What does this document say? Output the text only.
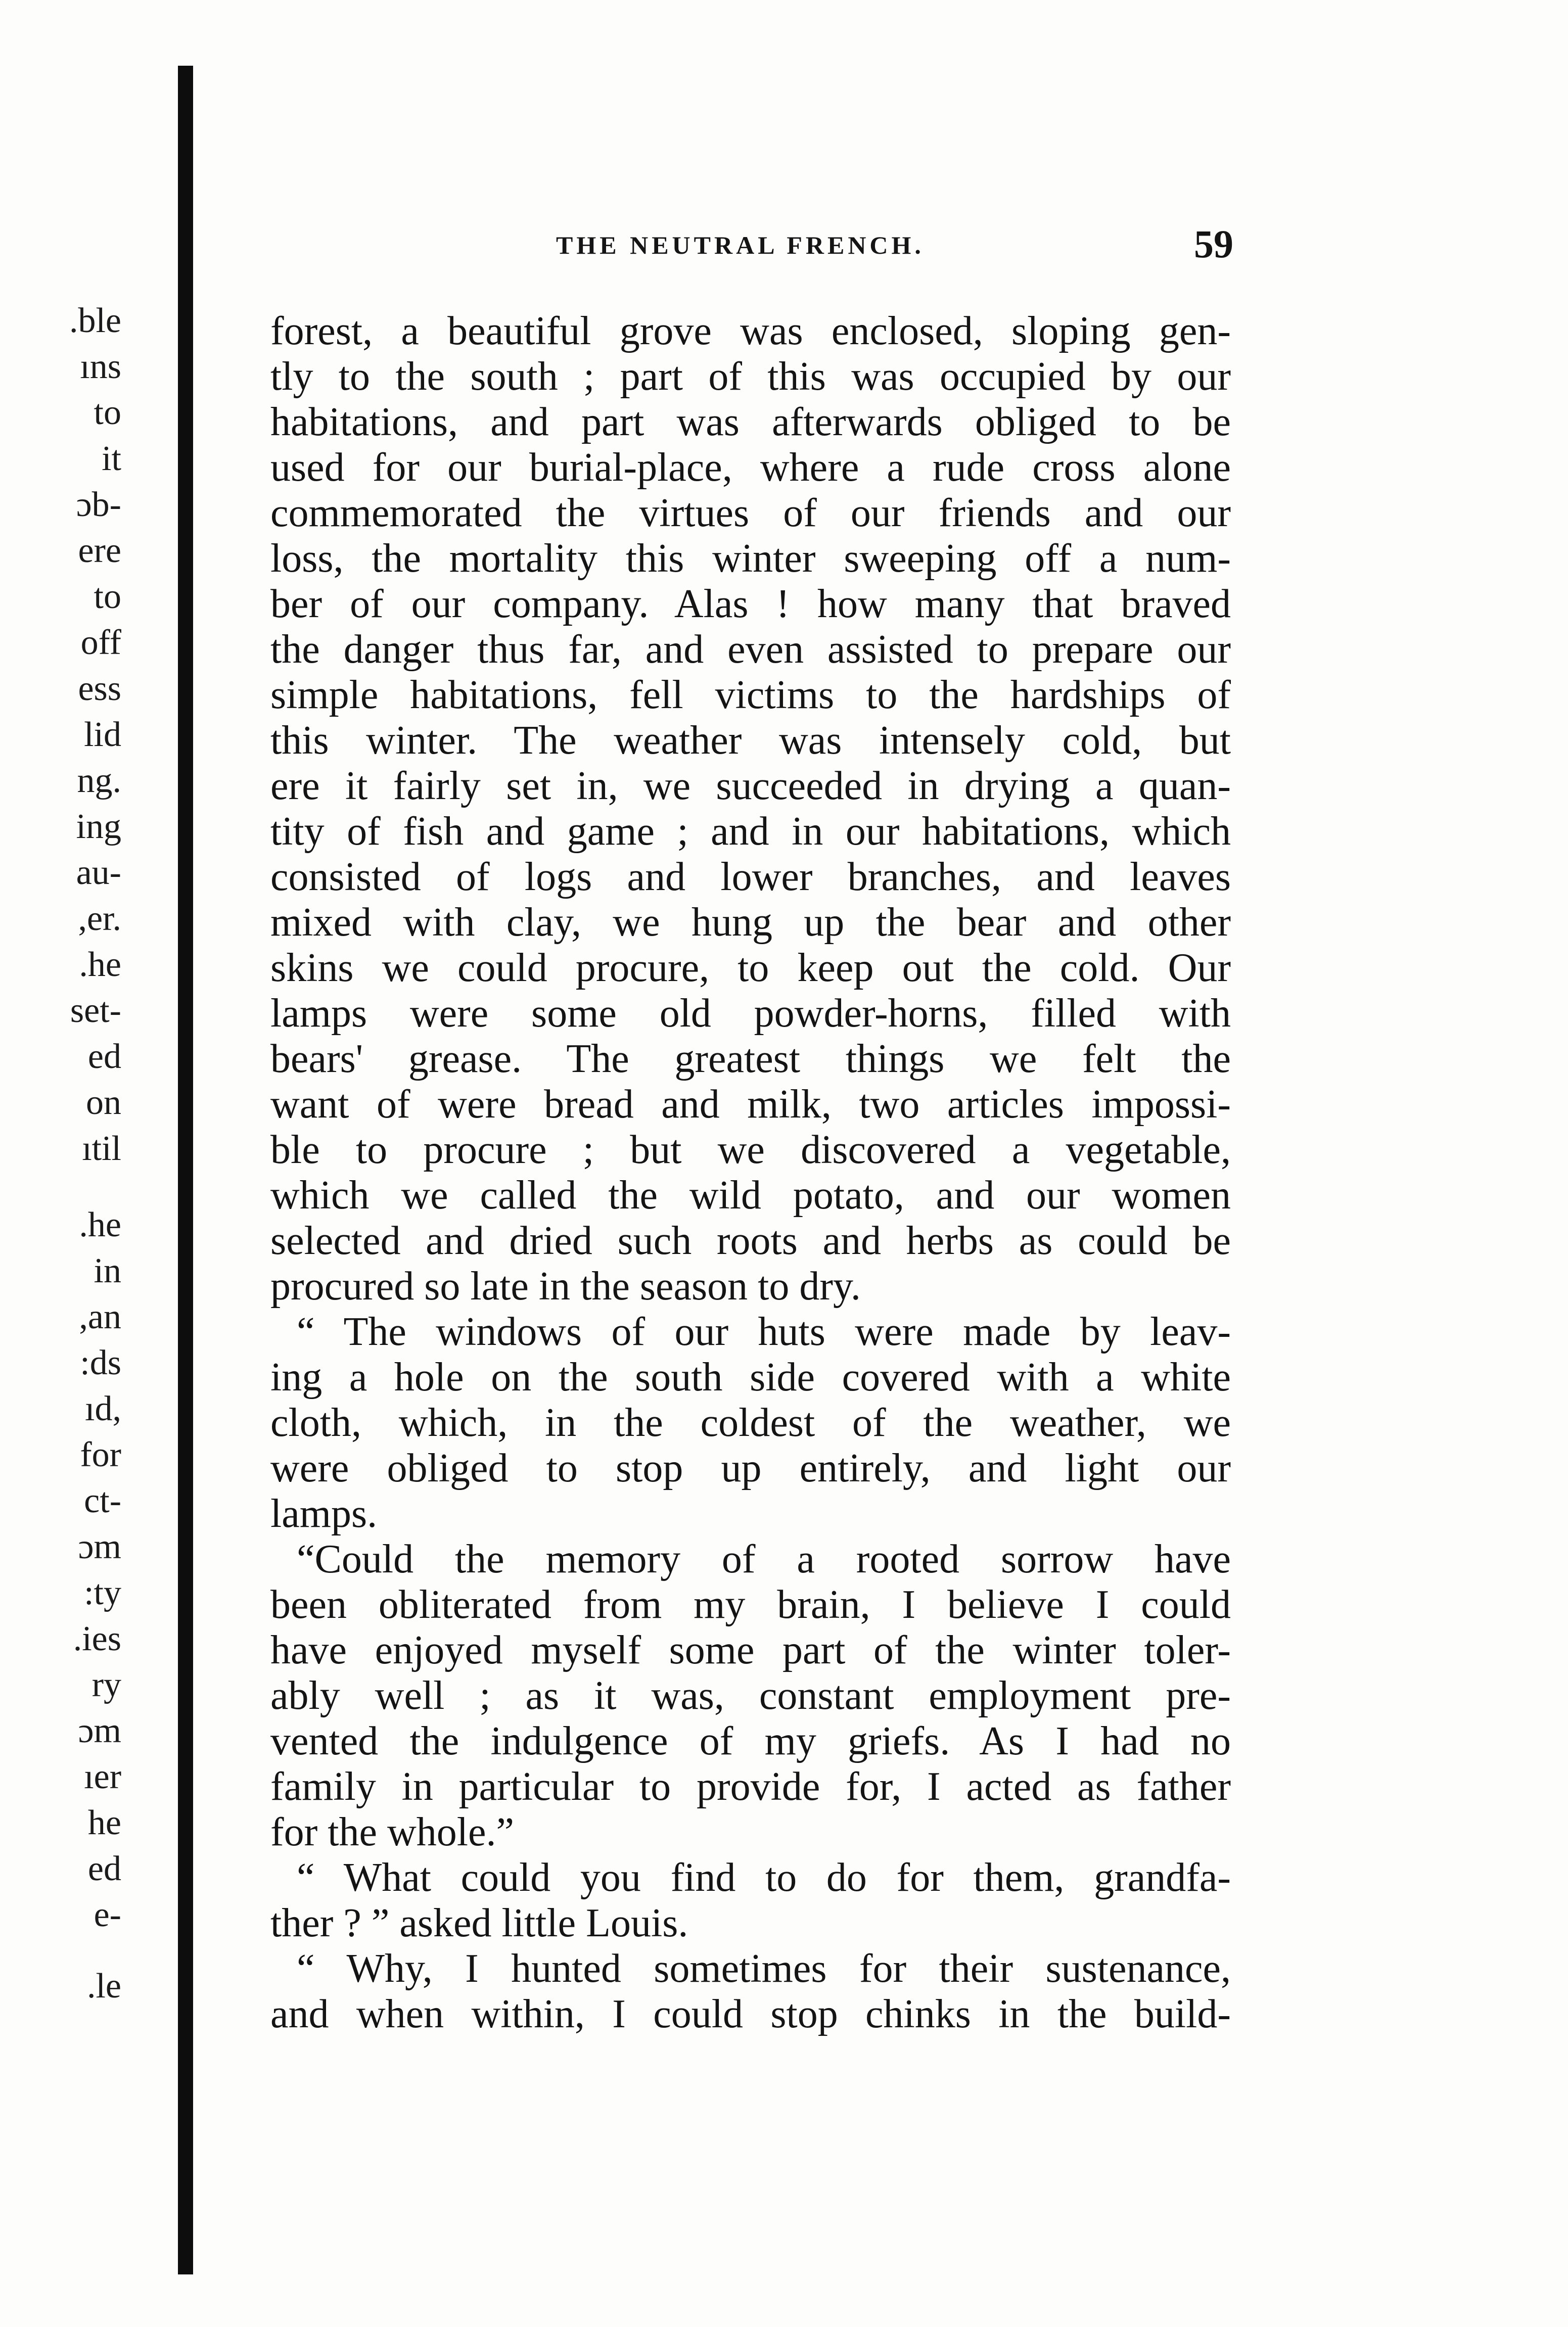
.ble
ıns
to
it
ɔb-
ere
to
off
ess
lid
ng.
ing
au-
,er.
.he
set-
ed
on
ıtil
.he
in
,an
:ds
ıd,
for
ct-
ɔm
:ty
.ies
ry
ɔm
ıer
he
ed
e-
.le
THE NEUTRAL FRENCH.	59
forest, a beautiful grove was enclosed, sloping gen-
tly to the south ; part of this was occupied by our
habitations, and part was afterwards obliged to be
used for our burial-place, where a rude cross alone
commemorated the virtues of our friends and our
loss, the mortality this winter sweeping off a num-
ber of our company. Alas ! how many that braved
the danger thus far, and even assisted to prepare our
simple habitations, fell victims to the hardships of
this winter. The weather was intensely cold, but
ere it fairly set in, we succeeded in drying a quan-
tity of fish and game ; and in our habitations, which
consisted of logs and lower branches, and leaves
mixed with clay, we hung up the bear and other
skins we could procure, to keep out the cold. Our
lamps were some old powder-horns, filled with
bears' grease. The greatest things we felt the
want of were bread and milk, two articles impossi-
ble to procure ; but we discovered a vegetable,
which we called the wild potato, and our women
selected and dried such roots and herbs as could be
procured so late in the season to dry.
“ The windows of our huts were made by leav-
ing a hole on the south side covered with a white
cloth, which, in the coldest of the weather, we
were obliged to stop up entirely, and light our
lamps.
“Could the memory of a rooted sorrow have
been obliterated from my brain, I believe I could
have enjoyed myself some part of the winter toler-
ably well ; as it was, constant employment pre-
vented the indulgence of my griefs. As I had no
family in particular to provide for, I acted as father
for the whole.”
“ What could you find to do for them, grandfa-
ther ? ” asked little Louis.
“ Why, I hunted sometimes for their sustenance,
and when within, I could stop chinks in the build-
